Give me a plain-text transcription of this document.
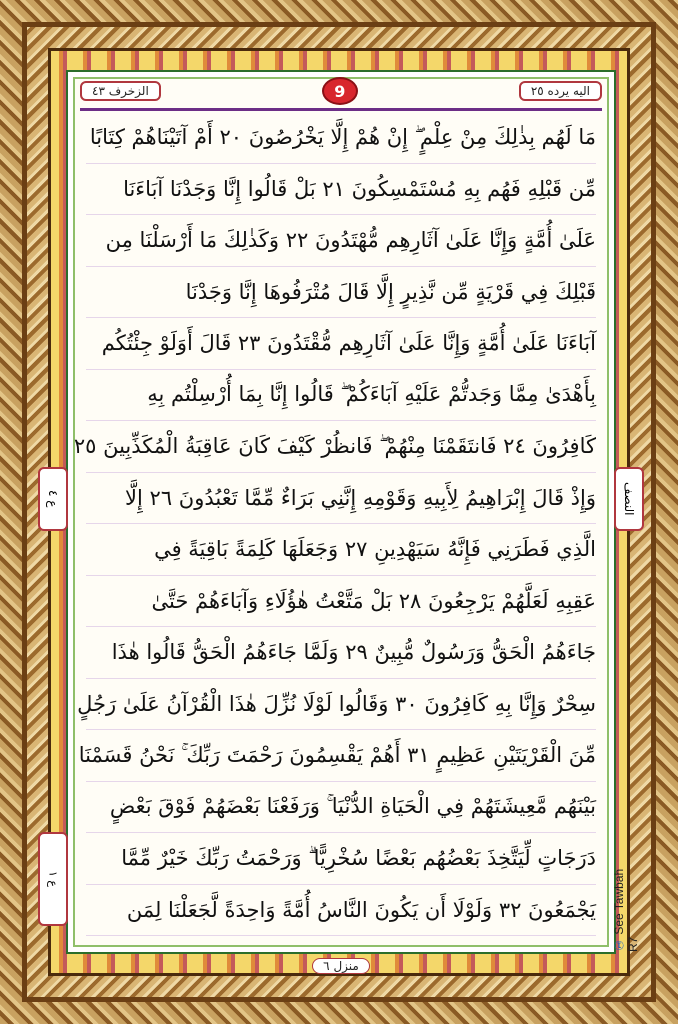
الزخرف ٤٣	9	اليه يرده ٢٥
مَا لَهُم بِذٰلِكَ مِنْ عِلْمٍ ۖ إِنْ هُمْ إِلَّا يَخْرُصُونَ ٢٠ أَمْ آتَيْنَاهُمْ كِتَابًا
مِّن قَبْلِهِ فَهُم بِهِ مُسْتَمْسِكُونَ ٢١ بَلْ قَالُوا إِنَّا وَجَدْنَا آبَاءَنَا
عَلَىٰ أُمَّةٍ وَإِنَّا عَلَىٰ آثَارِهِم مُّهْتَدُونَ ٢٢ وَكَذٰلِكَ مَا أَرْسَلْنَا مِن
قَبْلِكَ فِي قَرْيَةٍ مِّن نَّذِيرٍ إِلَّا قَالَ مُتْرَفُوهَا إِنَّا وَجَدْنَا
آبَاءَنَا عَلَىٰ أُمَّةٍ وَإِنَّا عَلَىٰ آثَارِهِم مُّقْتَدُونَ ٢٣ قَالَ أَوَلَوْ جِئْتُكُم
بِأَهْدَىٰ مِمَّا وَجَدتُّمْ عَلَيْهِ آبَاءَكُمْ ۖ قَالُوا إِنَّا بِمَا أُرْسِلْتُم بِهِ
كَافِرُونَ ٢٤ فَانتَقَمْنَا مِنْهُمْ ۖ فَانظُرْ كَيْفَ كَانَ عَاقِبَةُ الْمُكَذِّبِينَ ٢٥
وَإِذْ قَالَ إِبْرَاهِيمُ لِأَبِيهِ وَقَوْمِهِ إِنَّنِي بَرَاءٌ مِّمَّا تَعْبُدُونَ ٢٦ إِلَّا
الَّذِي فَطَرَنِي فَإِنَّهُ سَيَهْدِينِ ٢٧ وَجَعَلَهَا كَلِمَةً بَاقِيَةً فِي
عَقِبِهِ لَعَلَّهُمْ يَرْجِعُونَ ٢٨ بَلْ مَتَّعْتُ هٰؤُلَاءِ وَآبَاءَهُمْ حَتَّىٰ
جَاءَهُمُ الْحَقُّ وَرَسُولٌ مُّبِينٌ ٢٩ وَلَمَّا جَاءَهُمُ الْحَقُّ قَالُوا هٰذَا
سِحْرٌ وَإِنَّا بِهِ كَافِرُونَ ٣٠ وَقَالُوا لَوْلَا نُزِّلَ هٰذَا الْقُرْآنُ عَلَىٰ رَجُلٍ
مِّنَ الْقَرْيَتَيْنِ عَظِيمٍ ٣١ أَهُمْ يَقْسِمُونَ رَحْمَتَ رَبِّكَ ۚ نَحْنُ قَسَمْنَا
بَيْنَهُم مَّعِيشَتَهُمْ فِي الْحَيَاةِ الدُّنْيَا ۚ وَرَفَعْنَا بَعْضَهُمْ فَوْقَ بَعْضٍ
دَرَجَاتٍ لِّيَتَّخِذَ بَعْضُهُم بَعْضًا سُخْرِيًّا ۗ وَرَحْمَتُ رَبِّكَ خَيْرٌ مِّمَّا
يَجْمَعُونَ ٣٢ وَلَوْلَا أَن يَكُونَ النَّاسُ أُمَّةً وَاحِدَةً لَّجَعَلْنَا لِمَن
ع ٤	النصف
ع ١
① See Tawbah R7
منزل ٦
